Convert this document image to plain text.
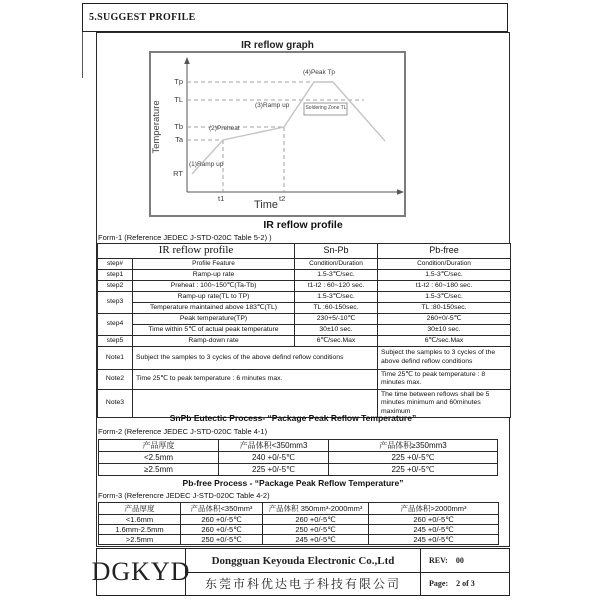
5.SUGGEST PROFILE
IR reflow graph
Temperature
Tp
TL
Tb
Ta
RT
(1)Ramp up
(2)Preheat
(3)Ramp up
(4)Peak Tp
Soldering Zone TL
t1	t2
Time
IR reflow profile
Form-1 (Reference JEDEC J-STD-020C Table 5-2) )
IR reflow profile		Sn-Pb	Pb-free
step#	Profile Feature	Condition/Duration	Condition/Duration
step1	Ramp-up rate	1.5-3℃/sec.	1.5-3℃/sec.
step2	Preheat : 100~150℃(Ta-Tb)	t1-t2 : 60~120 sec.	t1-t2 : 60~180 sec.
step3	Ramp-up rate(TL to TP)	1.5-3℃/sec.	1.5-3℃/sec.
	Temperature maintained above 183℃(TL)	TL :60-150sec.	TL :80-150sec.
step4	Peak temperature(TP)	230+5/-10℃	260+0/-5℃
	Time within 5℃ of actual peak temperature	30±10 sec.	30±10 sec.
step5	Ramp-down rate	6℃/sec.Max	6℃/sec.Max
Note1	Subject the samples to 3 cycles of the above defind reflow conditions		Subject the samples to 3 cycles of the above defind reflow conditions
Note2	Time 25℃ to peak temperature : 6 minutes max.		Time 25℃ to peak temperature : 8 minutes max.
Note3			The time between reflows shall be 5 minutes minimum and 60minutes maximum
SnPb Eutectic Process- “Package Peak Reflow Temperature”
Form-2 (Reference JEDEC J-STD-020C Table 4-1)
产品厚度	产品体积<350mm3	产品体积≥350mm3
<2.5mm	240 +0/-5℃	225 +0/-5℃
≥2.5mm	225 +0/-5℃	225 +0/-5℃
Pb-free Process - “Package Peak Reflow Temperature”
Form-3 (Referencre JEDEC J-STD-020C Table 4-2)
产品厚度	产品体积<350mm³	产品体积 350mm³-2000mm³	产品体积>2000mm³
<1.6mm	260 +0/-5℃	260 +0/-5℃	260 +0/-5℃
1.6mm-2.5mm	260 +0/-5℃	250 +0/-5℃	245 +0/-5℃
>2.5mm	250 +0/-5℃	245 +0/-5℃	245 +0/-5℃
DGKYD Dongguan Keyouda Electronic Co.,Ltd
东莞市科优达电子科技有限公司
REV: 00
Page: 2 of 3
